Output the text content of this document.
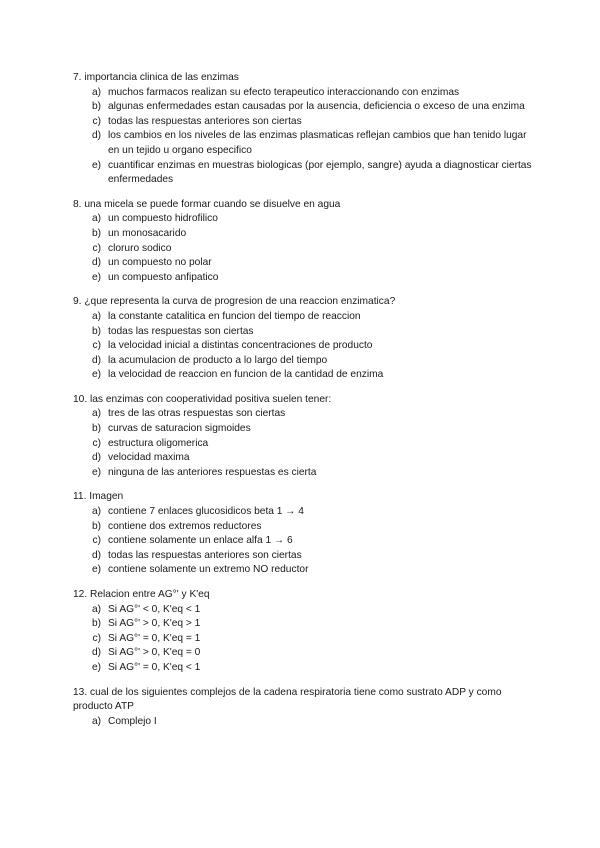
7. importancia clinica de las enzimas
a) muchos farmacos realizan su efecto terapeutico interaccionando con enzimas
b) algunas enfermedades estan causadas por la ausencia, deficiencia o exceso de una enzima
c) todas las respuestas anteriores son ciertas
d) los cambios en los niveles de las enzimas plasmaticas reflejan cambios que han tenido lugar en un tejido u organo especifico
e) cuantificar enzimas en muestras biologicas (por ejemplo, sangre) ayuda a diagnosticar ciertas enfermedades
8. una micela se puede formar cuando se disuelve en agua
a) un compuesto hidrofilico
b) un monosacarido
c) cloruro sodico
d) un compuesto no polar
e) un compuesto anfipatico
9. ¿que representa la curva de progresion de una reaccion enzimatica?
a) la constante catalitica en funcion del tiempo de reaccion
b) todas las respuestas son ciertas
c) la velocidad inicial a distintas concentraciones de producto
d) la acumulacion de producto a lo largo del tiempo
e) la velocidad de reaccion en funcion de la cantidad de enzima
10. las enzimas con cooperatividad positiva suelen tener:
a) tres de las otras respuestas son ciertas
b) curvas de saturacion sigmoides
c) estructura oligomerica
d) velocidad maxima
e) ninguna de las anteriores respuestas es cierta
11. Imagen
a) contiene 7 enlaces glucosidicos beta 1 → 4
b) contiene dos extremos reductores
c) contiene solamente un enlace alfa 1 → 6
d) todas las respuestas anteriores son ciertas
e) contiene solamente un extremo NO reductor
12. Relacion entre AG°' y K'eq
a) Si AG°' < 0, K'eq < 1
b) Si AG°' > 0, K'eq > 1
c) Si AG°' = 0, K'eq = 1
d) Si AG°' > 0, K'eq = 0
e) Si AG°' = 0, K'eq < 1
13. cual de los siguientes complejos de la cadena respiratoria tiene como sustrato ADP y como producto ATP
a) Complejo I
